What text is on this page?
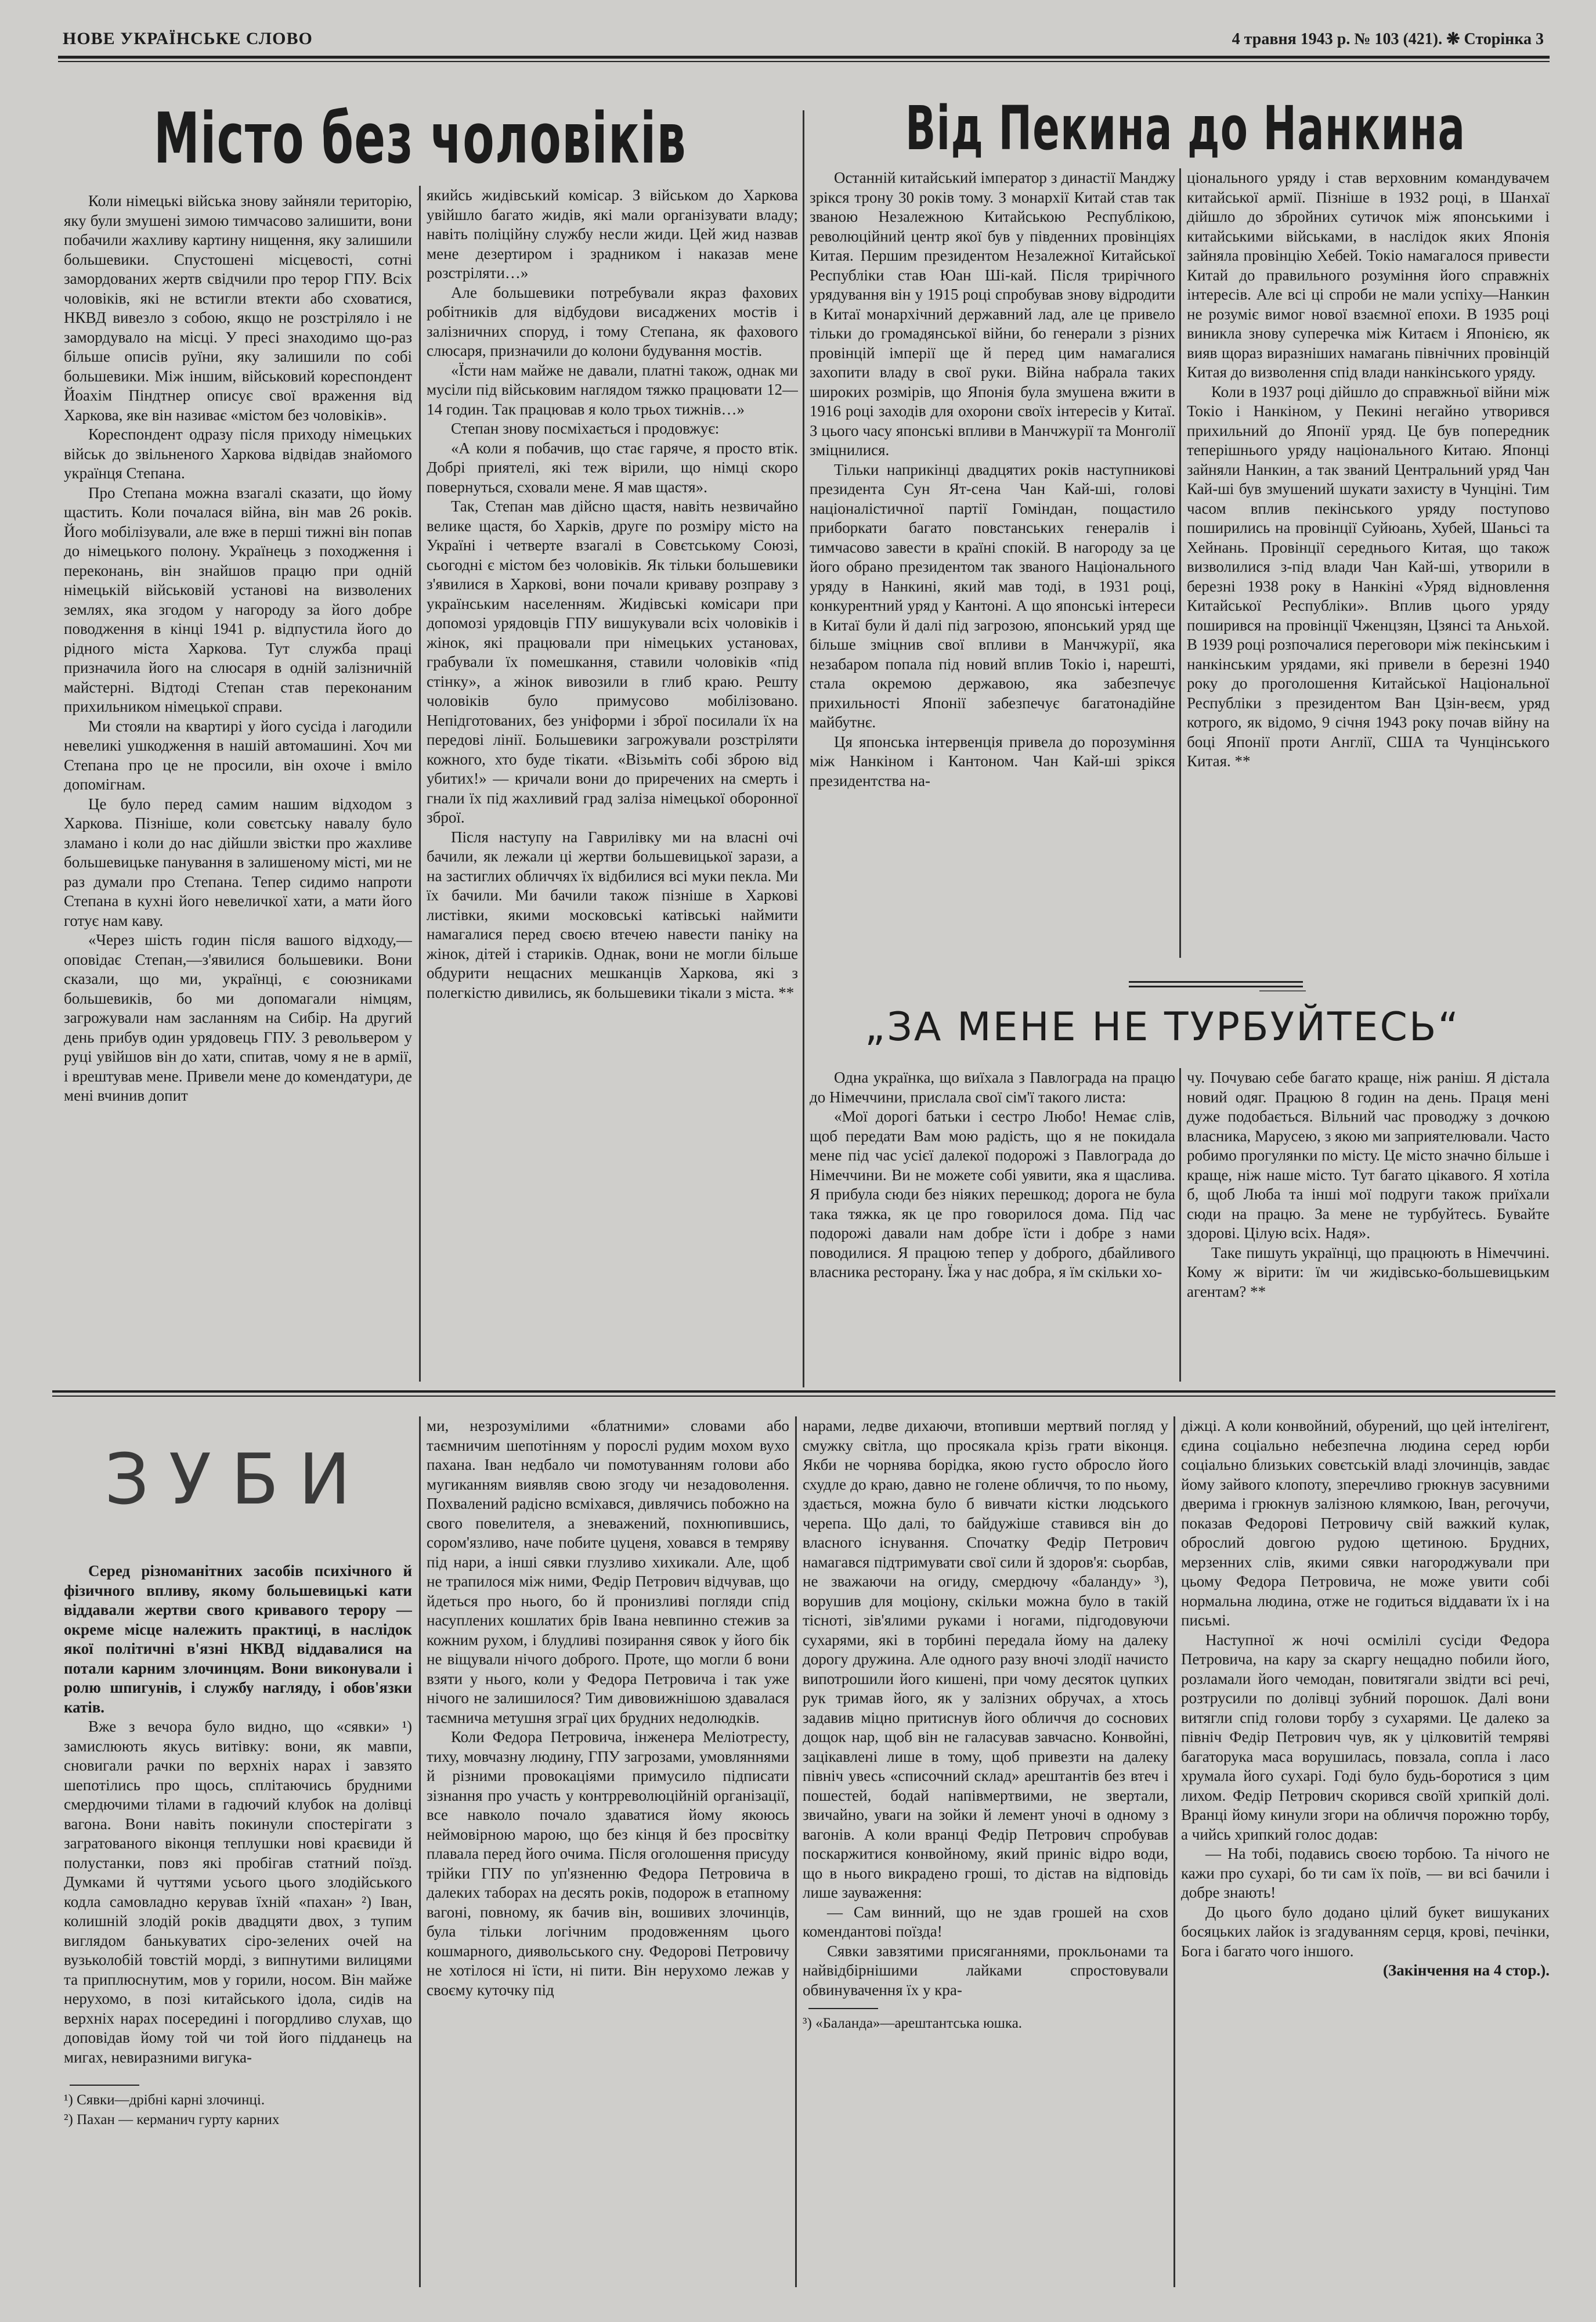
НОВЕ УКРАЇНСЬКЕ СЛОВО	4 травня 1943 р. № 103 (421). ❋ Сторінка 3
Місто без чоловіків

Коли німецькі війська знову зайняли територію, яку були змушені зимою тимчасово залишити, вони побачили жахливу картину нищення, яку залишили большевики. Спустошені місцевості, сотні замордованих жертв свідчили про терор ГПУ. Всіх чоловіків, які не встигли втекти або сховатися, НКВД вивезло з собою, якщо не розстріляло і не замордувало на місці. У пресі знаходимо що-раз більше описів руїни, яку залишили по собі большевики. Між іншим, військовий кореспондент Йоахім Піндтнер описує свої враження від Харкова, яке він називає «містом без чоловіків».

Кореспондент одразу після приходу німецьких військ до звільненого Харкова відвідав знайомого українця Степана.

Про Степана можна взагалі сказати, що йому щастить. Коли почалася війна, він мав 26 років. Його мобілізували, але вже в перші тижні він попав до німецького полону. Українець з походження і переконань, він знайшов працю при одній німецькій військовій установі на визволених землях, яка згодом у нагороду за його добре поводження в кінці 1941 р. відпустила його до рідного міста Харкова. Тут служба праці призначила його на слюсаря в одній залізничній майстерні. Відтоді Степан став переконаним прихильником німецької справи.

Ми стояли на квартирі у його сусіда і лагодили невеликі ушкодження в нашій автомашині. Хоч ми Степана про це не просили, він охоче і вміло допомігнам.

Це було перед самим нашим відходом з Харкова. Пізніше, коли совєтську навалу було зламано і коли до нас дійшли звістки про жахливе большевицьке панування в залишеному місті, ми не раз думали про Степана. Тепер сидимо напроти Степана в кухні його невеличкої хати, а мати його готує нам каву.

«Через шість годин після вашого відходу,—оповідає Степан,—з'явилися большевики. Вони сказали, що ми, українці, є союзниками большевиків, бо ми допомагали німцям, загрожували нам засланням на Сибір. На другий день прибув один урядовець ГПУ. З револьвером у руці увійшов він до хати, спитав, чому я не в армії, і врештував мене. Привели мене до комендатури, де мені вчинив допит

якийсь жидівський комісар. З військом до Харкова увійшло багато жидів, які мали організувати владу; навіть поліційну службу несли жиди. Цей жид назвав мене дезертиром і зрадником і наказав мене розстріляти…»

Але большевики потребували якраз фахових робітників для відбудови висаджених мостів і залізничних споруд, і тому Степана, як фахового слюсаря, призначили до колони будування мостів.

«Їсти нам майже не давали, платні також, однак ми мусіли під військовим наглядом тяжко працювати 12—14 годин. Так працював я коло трьох тижнів…»

Степан знову посміхається і продовжує:

«А коли я побачив, що стає гаряче, я просто втік. Добрі приятелі, які теж вірили, що німці скоро повернуться, сховали мене. Я мав щастя».

Так, Степан мав дійсно щастя, навіть незвичайно велике щастя, бо Харків, друге по розміру місто на Україні і четверте взагалі в Совєтському Союзі, сьогодні є містом без чоловіків. Як тільки большевики з'явилися в Харкові, вони почали криваву розправу з українським населенням. Жидівські комісари при допомозі урядовців ГПУ вишукували всіх чоловіків і жінок, які працювали при німецьких установах, грабували їх помешкання, ставили чоловіків «під стінку», а жінок вивозили в глиб краю. Решту чоловіків було примусово мобілізовано. Непідготованих, без уніформи і зброї посилали їх на передові лінії. Большевики загрожували розстріляти кожного, хто буде тікати. «Візьміть собі зброю від убитих!» — кричали вони до приречених на смерть і гнали їх під жахливий град заліза німецької оборонної зброї.

Після наступу на Гаврилівку ми на власні очі бачили, як лежали ці жертви большевицької зарази, а на застиглих обличчях їх відбилися всі муки пекла. Ми їх бачили. Ми бачили також пізніше в Харкові листівки, якими московські катівські наймити намагалися перед своєю втечею навести паніку на жінок, дітей і стариків. Однак, вони не могли більше обдурити нещасних мешканців Харкова, які з полегкістю дивились, як большевики тікали з міста. **

Від Пекина до Нанкина

Останній китайський імператор з династії Манджу зрікся трону 30 років тому. З монархії Китай став так званою Незалежною Китайською Республікою, революційний центр якої був у південних провінціях Китая. Першим президентом Незалежної Китайської Республіки став Юан Ші-кай. Після трирічного урядування він у 1915 році спробував знову відродити в Китаї монархічний державний лад, але це привело тільки до громадянської війни, бо генерали з різних провінцій імперії ще й перед цим намагалися захопити владу в свої руки. Війна набрала таких широких розмірів, що Японія була змушена вжити в 1916 році заходів для охорони своїх інтересів у Китаї. З цього часу японські впливи в Манчжурії та Монголії зміцнилися.

Тільки наприкінці двадцятих років наступникові президента Сун Ят-сена Чан Кай-ші, голові націоналістичної партії Гоміндан, пощастило приборкати багато повстанських генералів і тимчасово завести в країні спокій. В нагороду за це його обрано президентом так званого Національного уряду в Нанкині, який мав тоді, в 1931 році, конкурентний уряд у Кантоні. А що японські інтереси в Китаї були й далі під загрозою, японський уряд ще більше зміцнив свої впливи в Манчжурії, яка незабаром попала під новий вплив Токіо і, нарешті, стала окремою державою, яка забезпечує прихильності Японії забезпечує багатонадійне майбутнє.

Ця японська інтервенція привела до порозуміння між Нанкіном і Кантоном. Чан Кай-ші зрікся президентства на-

ціонального уряду і став верховним командувачем китайської армії. Пізніше в 1932 році, в Шанхаї дійшло до збройних сутичок між японськими і китайськими військами, в наслідок яких Японія зайняла провінцію Хебей. Токіо намагалося привести Китай до правильного розуміння його справжніх інтересів. Але всі ці спроби не мали успіху—Нанкин не розуміє вимог нової взаємної епохи. В 1935 році виникла знову суперечка між Китаєм і Японією, як вияв щораз виразніших намагань північних провінцій Китая до визволення спід влади нанкінського уряду.

Коли в 1937 році дійшло до справжньої війни між Токіо і Нанкіном, у Пекині негайно утворився прихильний до Японії уряд. Це був попередник теперішнього уряду національного Китаю. Японці зайняли Нанкин, а так званий Центральний уряд Чан Кай-ші був змушений шукати захисту в Чунціні. Тим часом вплив пекінського уряду поступово поширились на провінції Суйюань, Хубей, Шаньсі та Хейнань. Провінції середнього Китая, що також визволилися з-під влади Чан Кай-ші, утворили в березні 1938 року в Нанкіні «Уряд відновлення Китайської Республіки». Вплив цього уряду поширився на провінції Чженцзян, Цзянсі та Аньхой. В 1939 році розпочалися переговори між пекінським і нанкінським урядами, які привели в березні 1940 року до проголошення Китайської Національної Республіки з президентом Ван Цзін-веєм, уряд котрого, як відомо, 9 січня 1943 року почав війну на боці Японії проти Англії, США та Чунцінського Китая. **

„ЗА МЕНЕ НЕ ТУРБУЙТЕСЬ“

Одна українка, що виїхала з Павлограда на працю до Німеччини, прислала свої сім'ї такого листа:

«Мої дорогі батьки і сестро Любо! Немає слів, щоб передати Вам мою радість, що я не покидала мене під час усієї далекої подорожі з Павлограда до Німеччини. Ви не можете собі уявити, яка я щаслива. Я прибула сюди без ніяких перешкод; дорога не була така тяжка, як це про говорилося дома. Під час подорожі давали нам добре їсти і добре з нами поводилися. Я працюю тепер у доброго, дбайливого власника ресторану. Їжа у нас добра, я їм скільки хо-

чу. Почуваю себе багато краще, ніж раніш. Я дістала новий одяг. Працюю 8 годин на день. Праця мені дуже подобається. Вільний час проводжу з дочкою власника, Марусею, з якою ми заприятелювали. Часто робимо прогулянки по місту. Це місто значно більше і краще, ніж наше місто. Тут багато цікавого. Я хотіла б, щоб Люба та інші мої подруги також приїхали сюди на працю. За мене не турбуйтесь. Бувайте здорові. Цілую всіх. Надя».

Таке пишуть українці, що працюють в Німеччині. Кому ж вірити: їм чи жидівсько-большевицьким агентам? **

ЗУБИ

Серед різноманітних засобів психічного й фізичного впливу, якому большевицькі кати віддавали жертви свого кривавого терору — окреме місце належить практиці, в наслідок якої політичні в'язні НКВД віддавалися на потали карним злочинцям. Вони виконували і ролю шпигунів, і службу нагляду, і обов'язки катів.

Вже з вечора було видно, що «сявки» ¹) замислюють якусь витівку: вони, як мавпи, сновигали рачки по верхніх нарах і завзято шепотілись про щось, сплітаючись брудними смердючими тілами в гадючий клубок на долівці вагона. Вони навіть покинули спостерігати з загратованого віконця теплушки нові краєвиди й полустанки, повз які пробігав статний поїзд. Думками й чуттями усього цього злодійського кодла самовладно керував їхній «пахан» ²) Іван, колишній злодій років двадцяти двох, з тупим виглядом банькуватих сіро-зелених очей на вузьколобій товстій морді, з випнутими вилицями та приплюснутим, мов у горили, носом. Він майже нерухомо, в позі китайського ідола, сидів на верхніх нарах посередині і погордливо слухав, що доповідав йому той чи той його підданець на мигах, невиразними вигука-

¹) Сявки—дрібні карні злочинці.

²) Пахан — керманич гурту карних

ми, незрозумілими «блатними» словами або таємничим шепотінням у порослі рудим мохом вухо пахана. Іван недбало чи помотуванням голови або мугиканням виявляв свою згоду чи незадоволення. Похвалений радісно всміхався, дивлячись побожно на свого повелителя, а зневажений, похнюпившись, сором'язливо, наче побите цуценя, ховався в темряву під нари, а інші сявки глузливо хихикали. Але, щоб не трапилося між ними, Федір Петрович відчував, що йдеться про нього, бо й пронизливі погляди спід насуплених кошлатих брів Івана невпинно стежив за кожним рухом, і блудливі позирання сявок у його бік не віщували нічого доброго. Проте, що могли б вони взяти у нього, коли у Федора Петровича і так уже нічого не залишилося? Тим дивовижнішою здавалася таємнича метушня зграї цих брудних недолюдків.

Коли Федора Петровича, інженера Меліотресту, тиху, мовчазну людину, ГПУ загрозами, умовляннями й різними провокаціями примусило підписати зізнання про участь у контрреволюційній організації, все навколо почало здаватися йому якоюсь неймовірною марою, що без кінця й без просвітку плавала перед його очима. Після оголошення присуду трійки ГПУ по уп'язненню Федора Петровича в далеких таборах на десять років, подорож в етапному вагоні, повному, як бачив він, вошивих злочинців, була тільки логічним продовженням цього кошмарного, диявольського сну. Федорові Петровичу не хотілося ні їсти, ні пити. Він нерухомо лежав у своєму куточку під

нарами, ледве дихаючи, втопивши мертвий погляд у смужку світла, що просякала крізь грати віконця. Якби не чорнява борідка, якою густо обросло його схудле до краю, давно не голене обличчя, то по ньому, здається, можна було б вивчати кістки людського черепа. Що далі, то байдужіше ставився він до власного існування. Спочатку Федір Петрович намагався підтримувати свої сили й здоров'я: сьорбав, не зважаючи на огиду, смердючу «баланду» ³), ворушив для моціону, скільки можна було в такій тісноті, зів'ялими руками і ногами, підгодовуючи сухарями, які в торбині передала йому на далеку дорогу дружина. Але одного разу вночі злодії начисто випотрошили його кишені, при чому десяток цупких рук тримав його, як у залізних обручах, а хтось задавив міцно притиснув його обличчя до соснових дощок нар, щоб він не галасував завчасно. Конвойні, зацікавлені лише в тому, щоб привезти на далеку північ увесь «списочний склад» арештантів без втеч і пошестей, бодай напівмертвими, не звертали, звичайно, уваги на зойки й лемент уночі в одному з вагонів. А коли вранці Федір Петрович спробував поскаржитися конвойному, який приніс відро води, що в нього викрадено гроші, то дістав на відповідь лише зауваження:

— Сам винний, що не здав грошей на схов комендантові поїзда!

Сявки завзятими присяганнями, прокльонами та найвідбірнішими лайками спростовували обвинувачення їх у кра-

³) «Баланда»—арештантська юшка.

діжці. А коли конвойний, обурений, що цей інтелігент, єдина соціально небезпечна людина серед юрби соціально близьких совєтській владі злочинців, завдає йому зайвого клопоту, зперечливо грюкнув засувними дверима і грюкнув залізною клямкою, Іван, регочучи, показав Федорові Петровичу свій важкий кулак, оброслий довгою рудою щетиною. Брудних, мерзенних слів, якими сявки нагороджували при цьому Федора Петровича, не може увити собі нормальна людина, отже не годиться віддавати їх і на письмі.

Наступної ж ночі осмілілі сусіди Федора Петровича, на кару за скаргу нещадно побили його, розламали його чемодан, повитягали звідти всі речі, розтрусили по долівці зубний порошок. Далі вони витягли спід голови торбу з сухарями. Це далеко за північ Федір Петрович чув, як у цілковитій темряві багаторука маса ворушилась, повзала, сопла і ласо хрумала його сухарі. Годі було будь-боротися з цим лихом. Федір Петрович скорився своїй хрипкій долі. Вранці йому кинули згори на обличчя порожню торбу, а чийсь хрипкий голос додав:

— На тобі, подавись своєю торбою. Та нічого не кажи про сухарі, бо ти сам їх поїв, — ви всі бачили і добре знають!

До цього було додано цілий букет вишуканих босяцьких лайок із згадуванням серця, крові, печінки, Бога і багато чого іншого.

(Закінчення на 4 стор.).
